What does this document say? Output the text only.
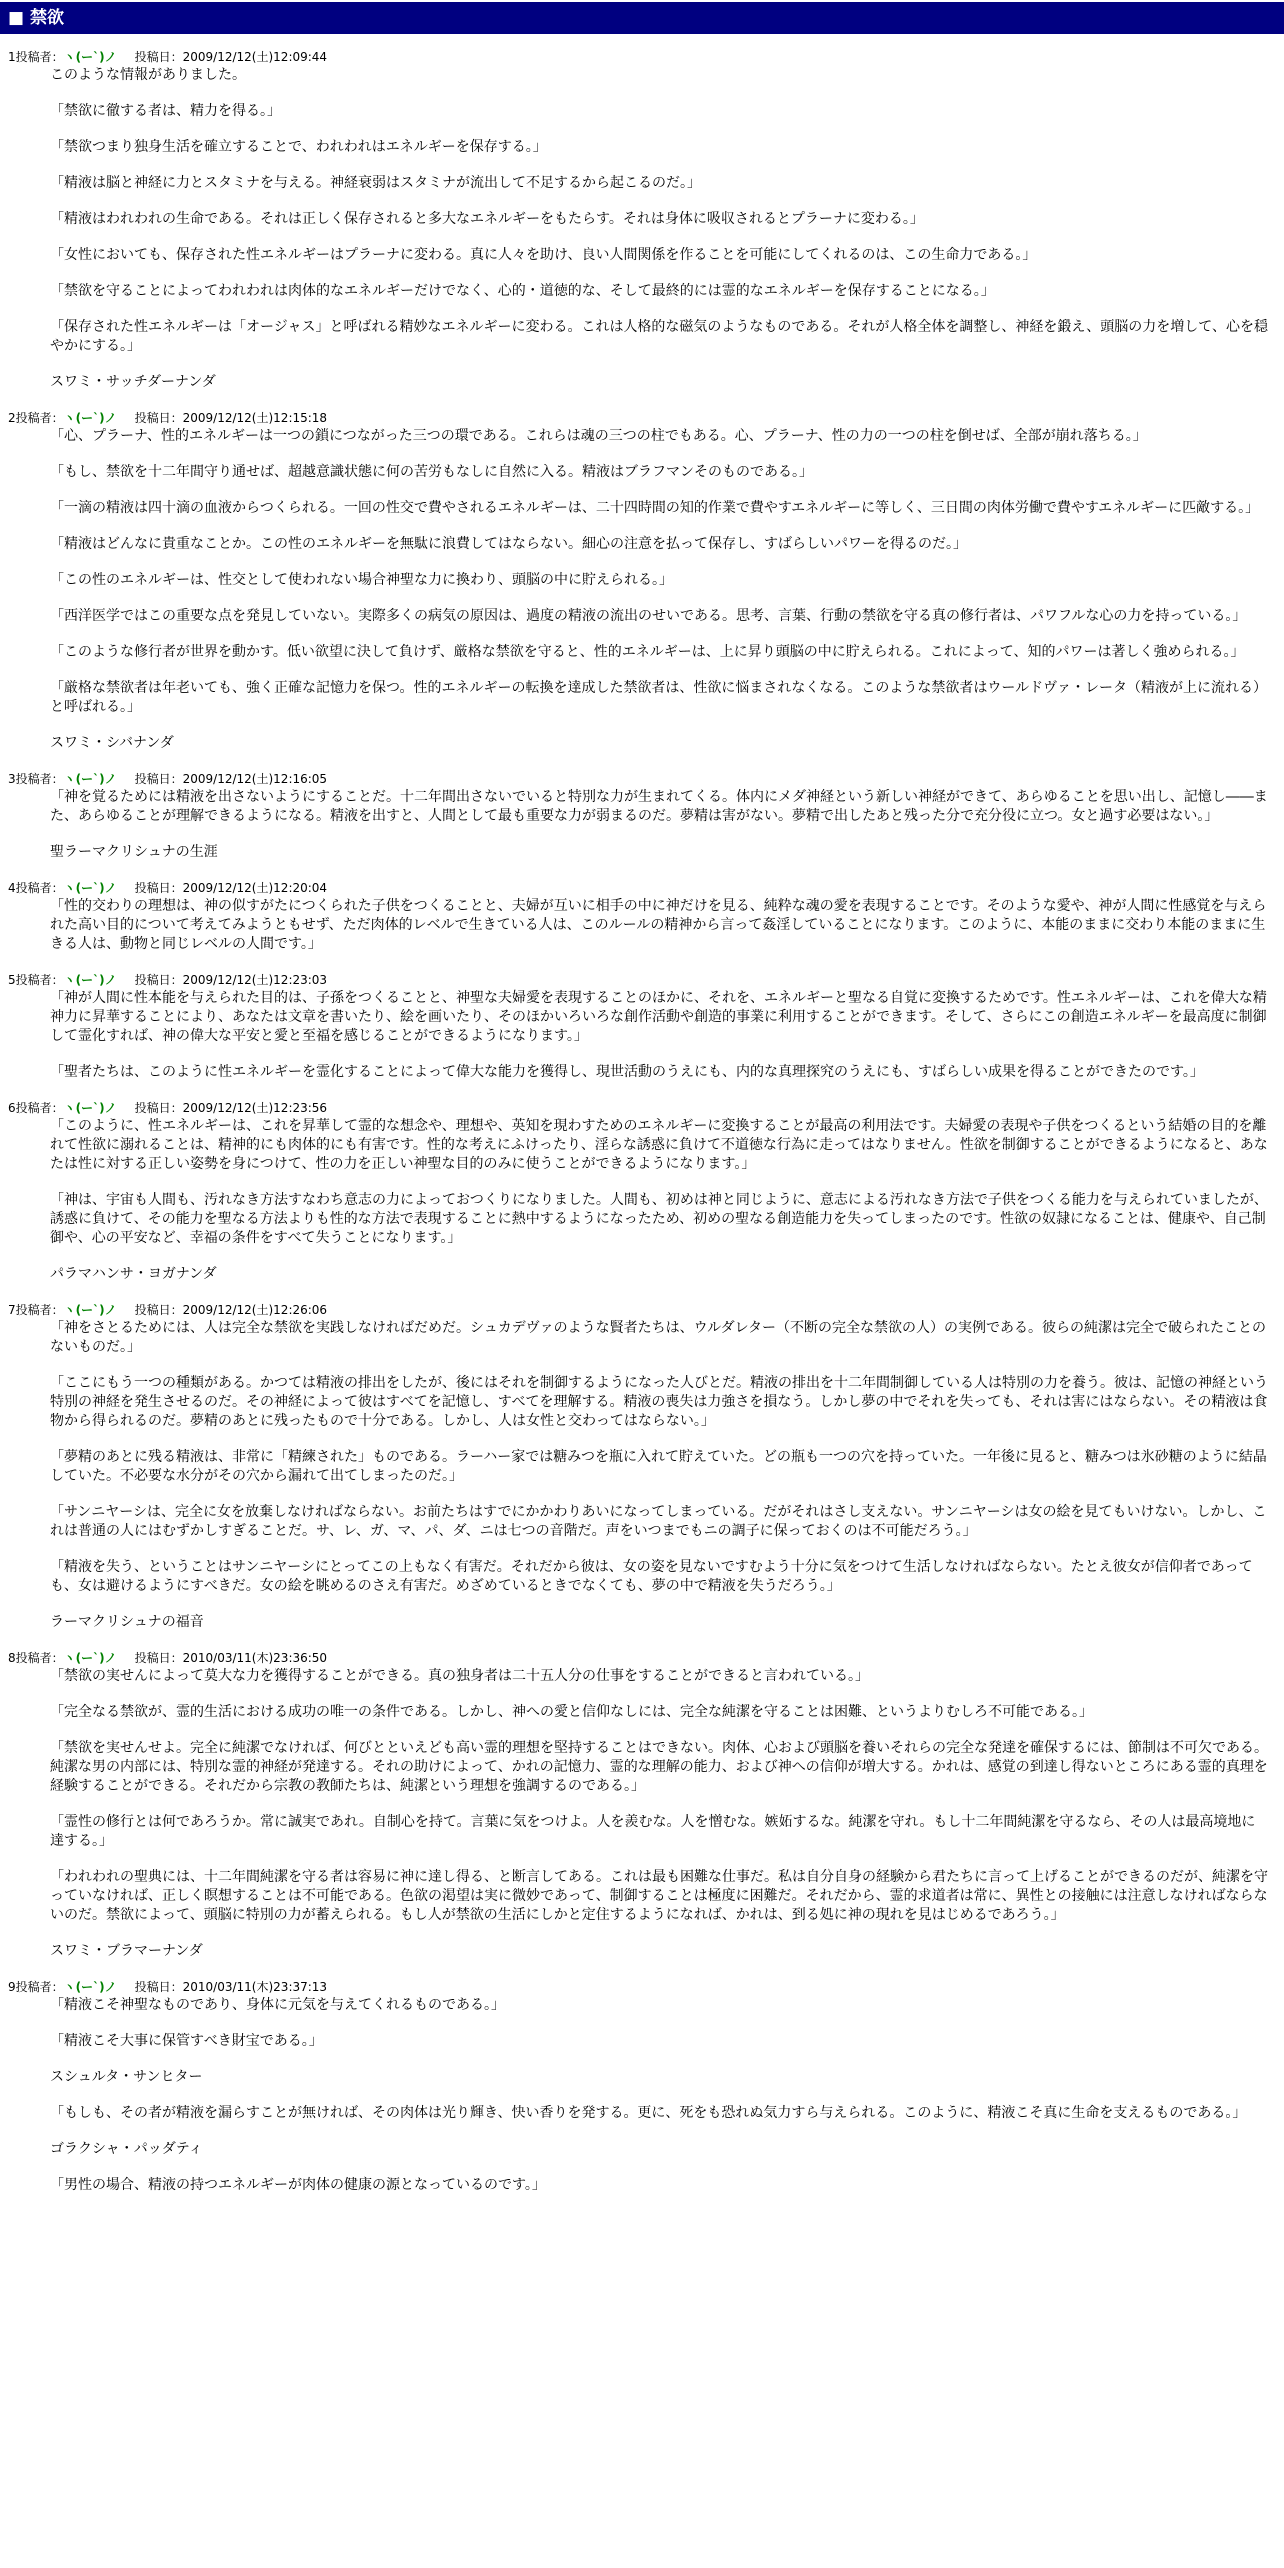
■ 禁欲
1投稿者：ヽ(ー`)ノ 投稿日：2009/12/12(土)12:09:44

このような情報がありました。

「禁欲に徹する者は、精力を得る。」

「禁欲つまり独身生活を確立することで、われわれはエネルギーを保存する。」

「精液は脳と神経に力とスタミナを与える。神経衰弱はスタミナが流出して不足するから起こるのだ。」

「精液はわれわれの生命である。それは正しく保存されると多大なエネルギーをもたらす。それは身体に吸収されるとプラーナに変わる。」

「女性においても、保存された性エネルギーはプラーナに変わる。真に人々を助け、良い人間関係を作ることを可能にしてくれるのは、この生命力である。」

「禁欲を守ることによってわれわれは肉体的なエネルギーだけでなく、心的・道徳的な、そして最終的には霊的なエネルギーを保存することになる。」

「保存された性エネルギーは「オージャス」と呼ばれる精妙なエネルギーに変わる。これは人格的な磁気のようなものである。それが人格全体を調整し、神経を鍛え、頭脳の力を増して、心を穏やかにする。」

スワミ・サッチダーナンダ

2投稿者：ヽ(ー`)ノ 投稿日：2009/12/12(土)12:15:18

「心、プラーナ、性的エネルギーは一つの鎖につながった三つの環である。これらは魂の三つの柱でもある。心、プラーナ、性の力の一つの柱を倒せば、全部が崩れ落ちる。」

「もし、禁欲を十二年間守り通せば、超越意識状態に何の苦労もなしに自然に入る。精液はブラフマンそのものである。」

「一滴の精液は四十滴の血液からつくられる。一回の性交で費やされるエネルギーは、二十四時間の知的作業で費やすエネルギーに等しく、三日間の肉体労働で費やすエネルギーに匹敵する。」

「精液はどんなに貴重なことか。この性のエネルギーを無駄に浪費してはならない。細心の注意を払って保存し、すばらしいパワーを得るのだ。」

「この性のエネルギーは、性交として使われない場合神聖な力に換わり、頭脳の中に貯えられる。」

「西洋医学ではこの重要な点を発見していない。実際多くの病気の原因は、過度の精液の流出のせいである。思考、言葉、行動の禁欲を守る真の修行者は、パワフルな心の力を持っている。」

「このような修行者が世界を動かす。低い欲望に決して負けず、厳格な禁欲を守ると、性的エネルギーは、上に昇り頭脳の中に貯えられる。これによって、知的パワーは著しく強められる。」

「厳格な禁欲者は年老いても、強く正確な記憶力を保つ。性的エネルギーの転換を達成した禁欲者は、性欲に悩まされなくなる。このような禁欲者はウールドヴァ・レータ（精液が上に流れる）と呼ばれる。」

スワミ・シバナンダ

3投稿者：ヽ(ー`)ノ 投稿日：2009/12/12(土)12:16:05

「神を覚るためには精液を出さないようにすることだ。十二年間出さないでいると特別な力が生まれてくる。体内にメダ神経という新しい神経ができて、あらゆることを思い出し、記憶し――また、あらゆることが理解できるようになる。精液を出すと、人間として最も重要な力が弱まるのだ。夢精は害がない。夢精で出したあと残った分で充分役に立つ。女と過す必要はない。」

聖ラーマクリシュナの生涯

4投稿者：ヽ(ー`)ノ 投稿日：2009/12/12(土)12:20:04

「性的交わりの理想は、神の似すがたにつくられた子供をつくることと、夫婦が互いに相手の中に神だけを見る、純粋な魂の愛を表現することです。そのような愛や、神が人間に性感覚を与えられた高い目的について考えてみようともせず、ただ肉体的レベルで生きている人は、このルールの精神から言って姦淫していることになります。このように、本能のままに交わり本能のままに生きる人は、動物と同じレベルの人間です。」

5投稿者：ヽ(ー`)ノ 投稿日：2009/12/12(土)12:23:03

「神が人間に性本能を与えられた目的は、子孫をつくることと、神聖な夫婦愛を表現することのほかに、それを、エネルギーと聖なる自覚に変換するためです。性エネルギーは、これを偉大な精神力に昇華することにより、あなたは文章を書いたり、絵を画いたり、そのほかいろいろな創作活動や創造的事業に利用することができます。そして、さらにこの創造エネルギーを最高度に制御して霊化すれば、神の偉大な平安と愛と至福を感じることができるようになります。」

「聖者たちは、このように性エネルギーを霊化することによって偉大な能力を獲得し、現世活動のうえにも、内的な真理探究のうえにも、すばらしい成果を得ることができたのです。」

6投稿者：ヽ(ー`)ノ 投稿日：2009/12/12(土)12:23:56

「このように、性エネルギーは、これを昇華して霊的な想念や、理想や、英知を現わすためのエネルギーに変換することが最高の利用法です。夫婦愛の表現や子供をつくるという結婚の目的を離れて性欲に溺れることは、精神的にも肉体的にも有害です。性的な考えにふけったり、淫らな誘惑に負けて不道徳な行為に走ってはなりません。性欲を制御することができるようになると、あなたは性に対する正しい姿勢を身につけて、性の力を正しい神聖な目的のみに使うことができるようになります。」

「神は、宇宙も人間も、汚れなき方法すなわち意志の力によっておつくりになりました。人間も、初めは神と同じように、意志による汚れなき方法で子供をつくる能力を与えられていましたが、誘惑に負けて、その能力を聖なる方法よりも性的な方法で表現することに熱中するようになったため、初めの聖なる創造能力を失ってしまったのです。性欲の奴隷になることは、健康や、自己制御や、心の平安など、幸福の条件をすべて失うことになります。」

パラマハンサ・ヨガナンダ

7投稿者：ヽ(ー`)ノ 投稿日：2009/12/12(土)12:26:06

「神をさとるためには、人は完全な禁欲を実践しなければだめだ。シュカデヴァのような賢者たちは、ウルダレター（不断の完全な禁欲の人）の実例である。彼らの純潔は完全で破られたことのないものだ。」

「ここにもう一つの種類がある。かつては精液の排出をしたが、後にはそれを制御するようになった人びとだ。精液の排出を十二年間制御している人は特別の力を養う。彼は、記憶の神経という特別の神経を発生させるのだ。その神経によって彼はすべてを記憶し、すべてを理解する。精液の喪失は力強さを損なう。しかし夢の中でそれを失っても、それは害にはならない。その精液は食物から得られるのだ。夢精のあとに残ったもので十分である。しかし、人は女性と交わってはならない。」

「夢精のあとに残る精液は、非常に「精練された」ものである。ラーハー家では糖みつを瓶に入れて貯えていた。どの瓶も一つの穴を持っていた。一年後に見ると、糖みつは氷砂糖のように結晶していた。不必要な水分がその穴から漏れて出てしまったのだ。」

「サンニヤーシは、完全に女を放棄しなければならない。お前たちはすでにかかわりあいになってしまっている。だがそれはさし支えない。サンニヤーシは女の絵を見てもいけない。しかし、これは普通の人にはむずかしすぎることだ。サ、レ、ガ、マ、パ、ダ、ニは七つの音階だ。声をいつまでもニの調子に保っておくのは不可能だろう。」

「精液を失う、ということはサンニヤーシにとってこの上もなく有害だ。それだから彼は、女の姿を見ないですむよう十分に気をつけて生活しなければならない。たとえ彼女が信仰者であっても、女は避けるようにすべきだ。女の絵を眺めるのさえ有害だ。めざめているときでなくても、夢の中で精液を失うだろう。」

ラーマクリシュナの福音

8投稿者：ヽ(ー`)ノ 投稿日：2010/03/11(木)23:36:50

「禁欲の実せんによって莫大な力を獲得することができる。真の独身者は二十五人分の仕事をすることができると言われている。」

「完全なる禁欲が、霊的生活における成功の唯一の条件である。しかし、神への愛と信仰なしには、完全な純潔を守ることは困難、というよりむしろ不可能である。」

「禁欲を実せんせよ。完全に純潔でなければ、何びとといえども高い霊的理想を堅持することはできない。肉体、心および頭脳を養いそれらの完全な発達を確保するには、節制は不可欠である。純潔な男の内部には、特別な霊的神経が発達する。それの助けによって、かれの記憶力、霊的な理解の能力、および神への信仰が増大する。かれは、感覚の到達し得ないところにある霊的真理を経験することができる。それだから宗教の教師たちは、純潔という理想を強調するのである。」

「霊性の修行とは何であろうか。常に誠実であれ。自制心を持て。言葉に気をつけよ。人を羨むな。人を憎むな。嫉妬するな。純潔を守れ。もし十二年間純潔を守るなら、その人は最高境地に達する。」

「われわれの聖典には、十二年間純潔を守る者は容易に神に達し得る、と断言してある。これは最も困難な仕事だ。私は自分自身の経験から君たちに言って上げることができるのだが、純潔を守っていなければ、正しく瞑想することは不可能である。色欲の渇望は実に微妙であって、制御することは極度に困難だ。それだから、霊的求道者は常に、異性との接触には注意しなければならないのだ。禁欲によって、頭脳に特別の力が蓄えられる。もし人が禁欲の生活にしかと定住するようになれば、かれは、到る処に神の現れを見はじめるであろう。」

スワミ・ブラマーナンダ

9投稿者：ヽ(ー`)ノ 投稿日：2010/03/11(木)23:37:13

「精液こそ神聖なものであり、身体に元気を与えてくれるものである。」

「精液こそ大事に保管すべき財宝である。」

スシュルタ・サンヒター

「もしも、その者が精液を漏らすことが無ければ、その肉体は光り輝き、快い香りを発する。更に、死をも恐れぬ気力すら与えられる。このように、精液こそ真に生命を支えるものである。」

ゴラクシャ・パッダティ

「男性の場合、精液の持つエネルギーが肉体の健康の源となっているのです。」
